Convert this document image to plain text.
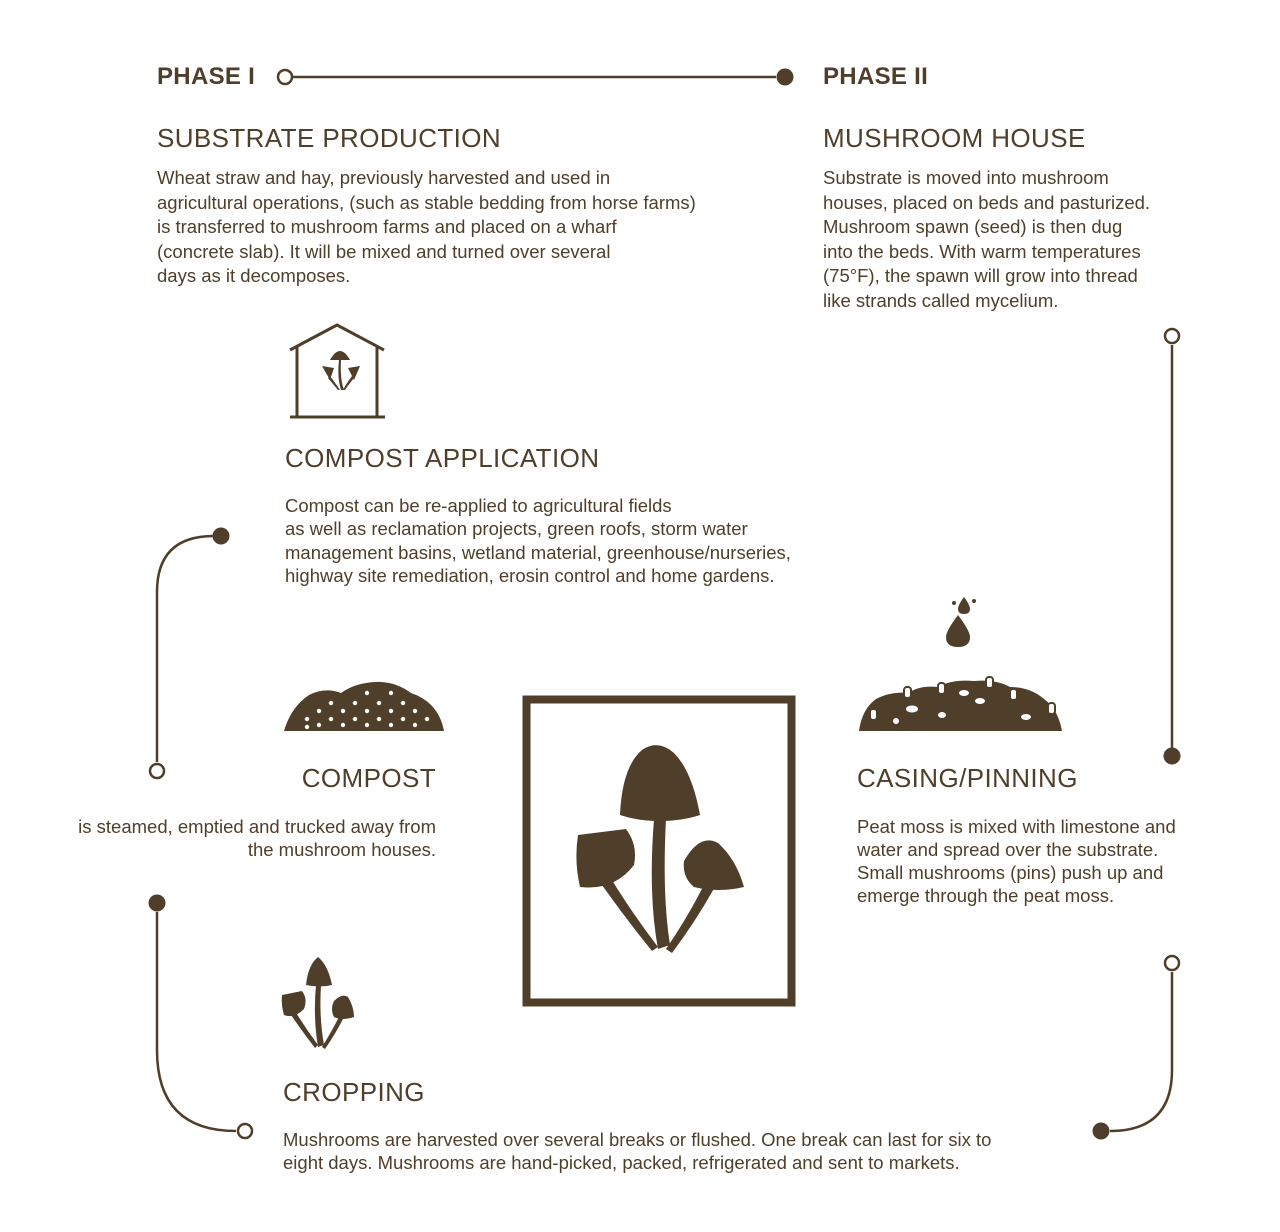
PHASE I	PHASE II
SUBSTRATE PRODUCTION
Wheat straw and hay, previously harvested and used in
agricultural operations, (such as stable bedding from horse farms)
is transferred to mushroom farms and placed on a wharf
(concrete slab). It will be mixed and turned over several
days as it decomposes.
MUSHROOM HOUSE
Substrate is moved into mushroom
houses, placed on beds and pasturized.
Mushroom spawn (seed) is then dug
into the beds. With warm temperatures
(75°F), the spawn will grow into thread
like strands called mycelium.
COMPOST APPLICATION
Compost can be re-applied to agricultural fields
as well as reclamation projects, green roofs, storm water
management basins, wetland material, greenhouse/nurseries,
highway site remediation, erosin control and home gardens.
COMPOST
is steamed, emptied and trucked away from
the mushroom houses.
CASING/PINNING
Peat moss is mixed with limestone and
water and spread over the substrate.
Small mushrooms (pins) push up and
emerge through the peat moss.
CROPPING
Mushrooms are harvested over several breaks or flushed. One break can last for six to
eight days. Mushrooms are hand-picked, packed, refrigerated and sent to markets.
